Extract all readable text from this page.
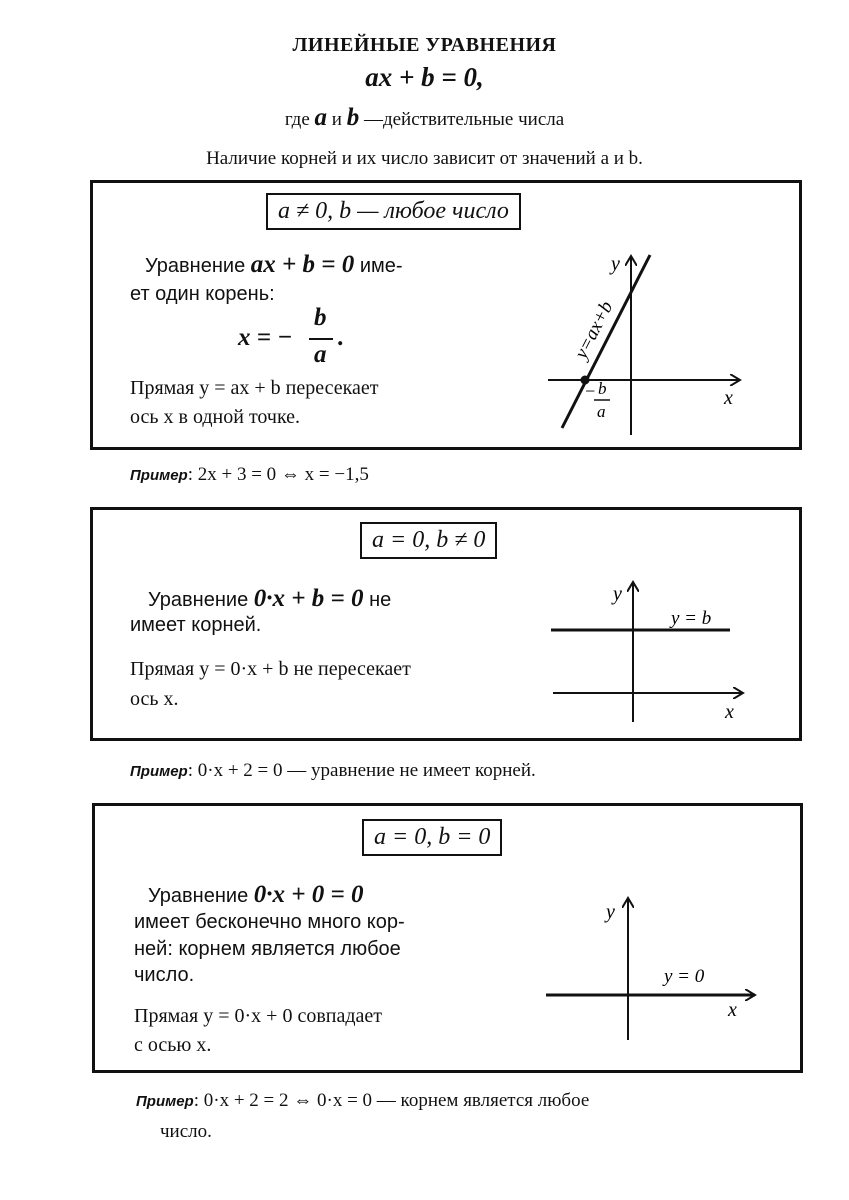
ЛИНЕЙНЫЕ УРАВНЕНИЯ
ax + b = 0,
где a и b —действительные числа
Наличие корней и их число зависит от значений a и b.
a ≠ 0, b — любое число
Уравнение ax + b = 0 име-
ет один корень:
x = −
b
a
.
Прямая y = ax + b пересекает
ось x в одной точке.
y
x
y=ax+b
− b
a
Пример: 2x + 3 = 0 ⇔ x = −1,5
a = 0, b ≠ 0
Уравнение 0·x + b = 0 не
имеет корней.
Прямая y = 0·x + b не пересекает
ось x.
y
x
y = b
Пример: 0·x + 2 = 0 — уравнение не имеет корней.
a = 0, b = 0
Уравнение 0·x + 0 = 0
имеет бесконечно много кор-
ней: корнем является любое
число.
Прямая y = 0·x + 0 совпадает
с осью x.
y
x
y = 0
Пример: 0·x + 2 = 2 ⇔ 0·x = 0 — корнем является любое
число.
